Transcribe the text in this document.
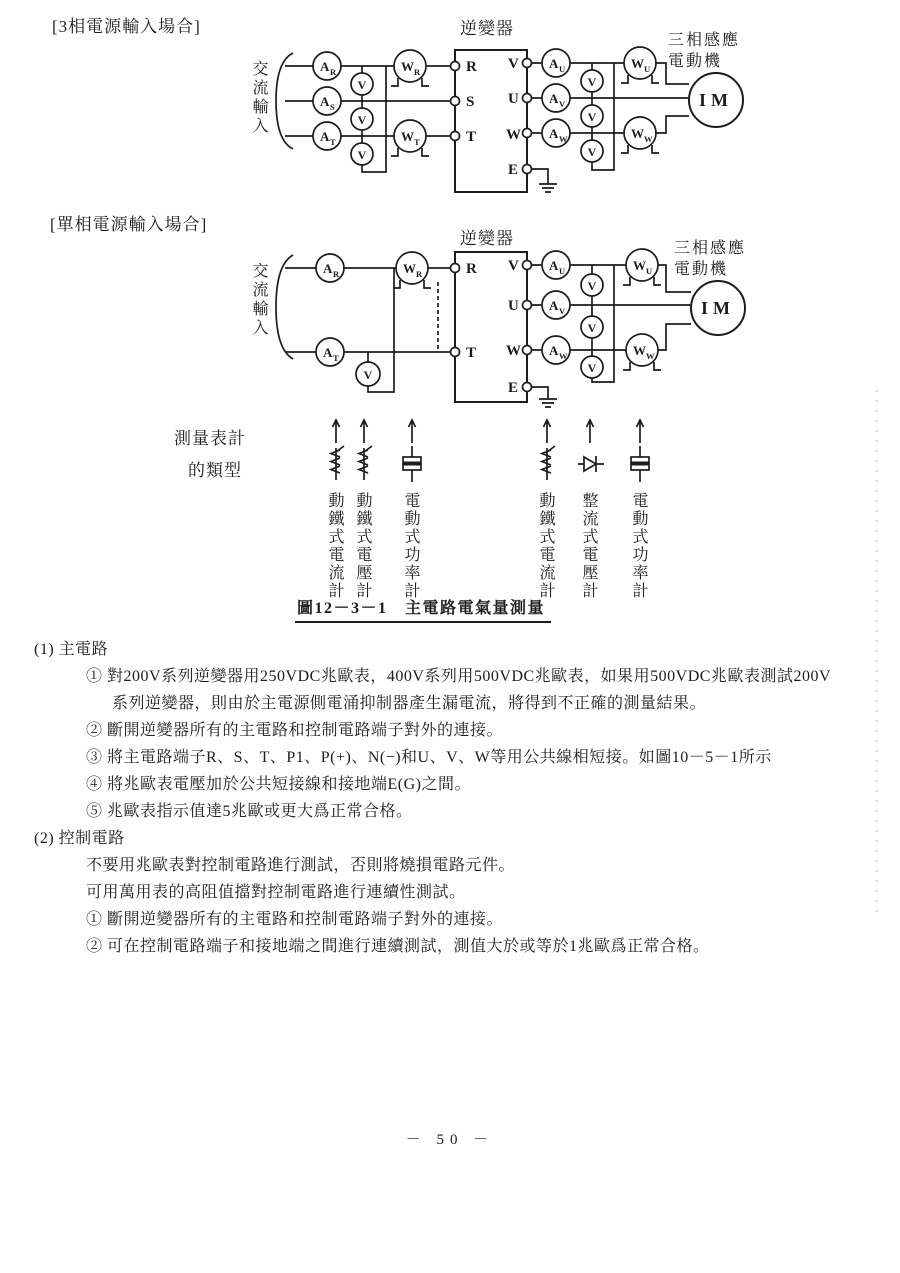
[3相電源輸入場合]
[單相電源輸入場合]
逆變器
逆變器
交流輸入
交流輸入
三相感應
電動機
三相感應
電動機
A R
A S
A T
V
V
V
W R
W T
R
S
T
V
U
W
E
A U
A V
A W
V
V
V
W U
W W
IM
A R
A T
V
W R	R
T
V
U
W
E
A U
A V
A W
V
V
V
W U
W W
IM
測量表計
的類型
動鐵式電流計 動鐵式電壓計 電動式功率計	動鐵式電流計 整流式電壓計 電動式功率計
圖12－3－1　主電路電氣量測量
(1) 主電路
① 對200V系列逆變器用250VDC兆歐表，400V系列用500VDC兆歐表，如果用500VDC兆歐表測試200V
系列逆變器，則由於主電源側電涌抑制器產生漏電流，將得到不正確的測量結果。
② 斷開逆變器所有的主電路和控制電路端子對外的連接。
③ 將主電路端子R、S、T、P1、P(+)、N(−)和U、V、W等用公共線相短接。如圖10－5－1所示
④ 將兆歐表電壓加於公共短接線和接地端E(G)之間。
⑤ 兆歐表指示值達5兆歐或更大爲正常合格。
(2) 控制電路
不要用兆歐表對控制電路進行測試，否則將燒損電路元件。
可用萬用表的高阻值擋對控制電路進行連續性測試。
① 斷開逆變器所有的主電路和控制電路端子對外的連接。
② 可在控制電路端子和接地端之間進行連續測試，測值大於或等於1兆歐爲正常合格。
－ 50 －
